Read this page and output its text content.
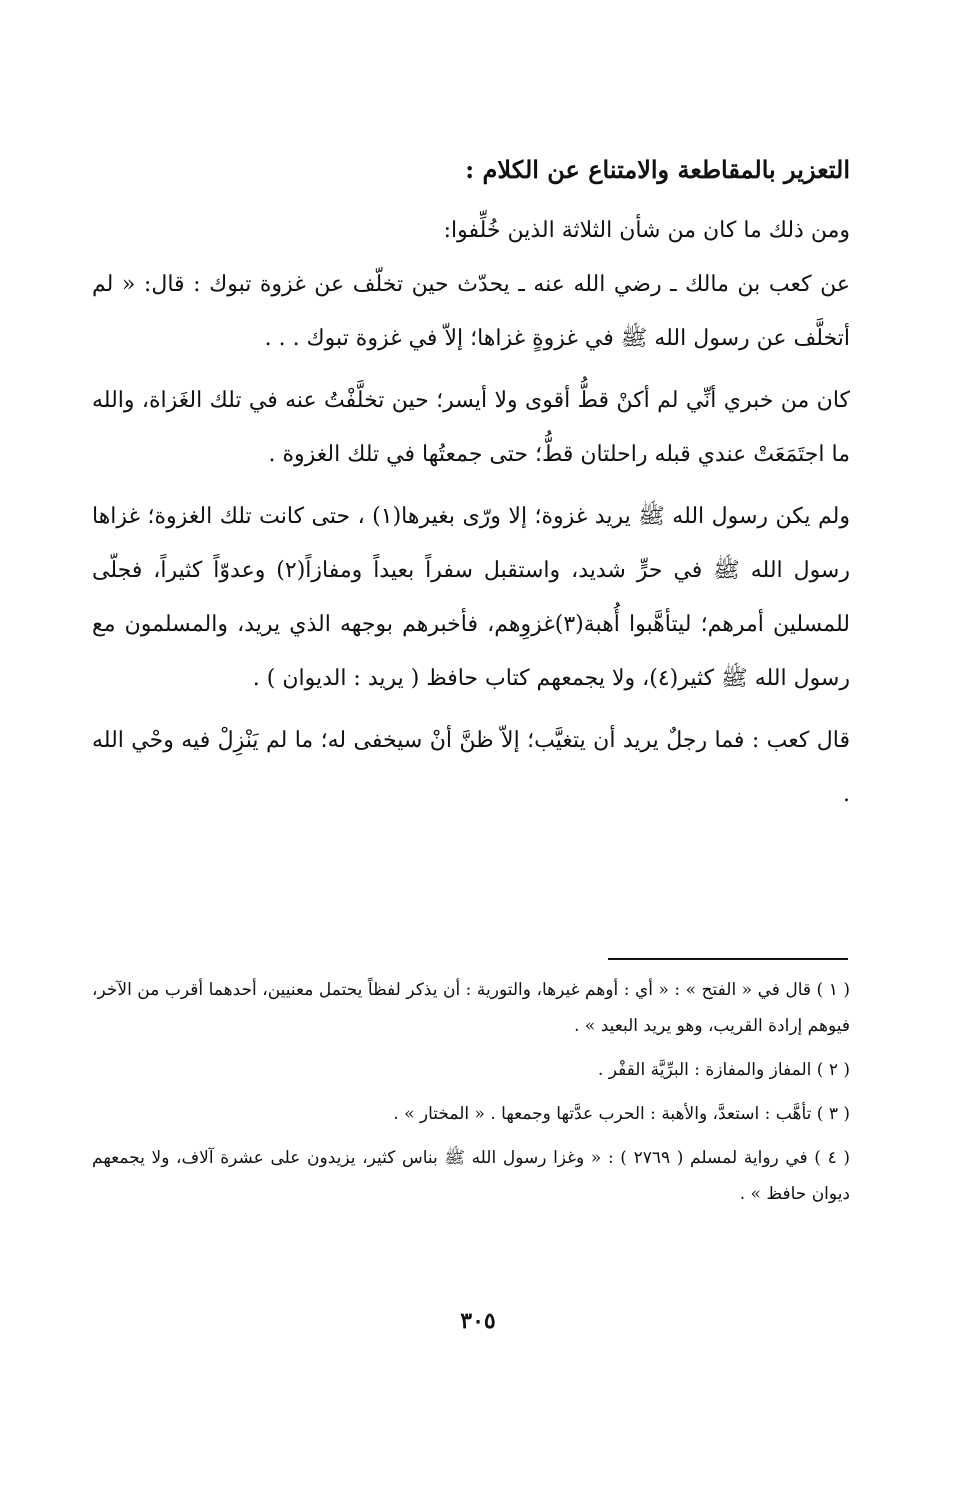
التعزير بالمقاطعة والامتناع عن الكلام :

ومن ذلك ما كان من شأن الثلاثة الذين خُلِّفوا:

عن كعب بن مالك ـ رضي الله عنه ـ يحدّث حين تخلّف عن غزوة تبوك : قال: « لم أتخلَّف عن رسول الله ﷺ في غزوةٍ غزاها؛ إلاّ في غزوة تبوك . . .

كان من خبري أنِّي لم أكنْ قطُّ أقوى ولا أيسر؛ حين تخلَّفْتُ عنه في تلك الغَزاة، والله ما اجتَمَعَتْ عندي قبله راحلتان قطُّ؛ حتى جمعتُها في تلك الغزوة .

ولم يكن رسول الله ﷺ يريد غزوة؛ إلا ورّى بغيرها(١) ، حتى كانت تلك الغزوة؛ غزاها رسول الله ﷺ في حرٍّ شديد، واستقبل سفراً بعيداً ومفازاً(٢) وعدوّاً كثيراً، فجلّى للمسلين أمرهم؛ ليتأهَّبوا أُهبة(٣)غزوِهم، فأخبرهم بوجهه الذي يريد، والمسلمون مع رسول الله ﷺ كثير(٤)، ولا يجمعهم كتاب حافظ ( يريد : الديوان ) .

قال كعب : فما رجلٌ يريد أن يتغيَّب؛ إلاّ ظنَّ أنْ سيخفى له؛ ما لم يَنْزِلْ فيه وحْي الله .

( ١ ) قال في « الفتح » : « أي : أوهم غيرها، والتورية : أن يذكر لفظاً يحتمل معنيين، أحدهما أقرب من الآخر، فيوهم إرادة القريب، وهو يريد البعيد » .

( ٢ ) المفاز والمفازة : البرِّيَّة القفْر .

( ٣ ) تأهَّب : استعدَّ، والأهبة : الحرب عدَّتها وجمعها . « المختار » .

( ٤ ) في رواية لمسلم ( ٢٧٦٩ ) : « وغزا رسول الله ﷺ بناس كثير، يزيدون على عشرة آلاف، ولا يجمعهم ديوان حافظ » .

٣٠٥
